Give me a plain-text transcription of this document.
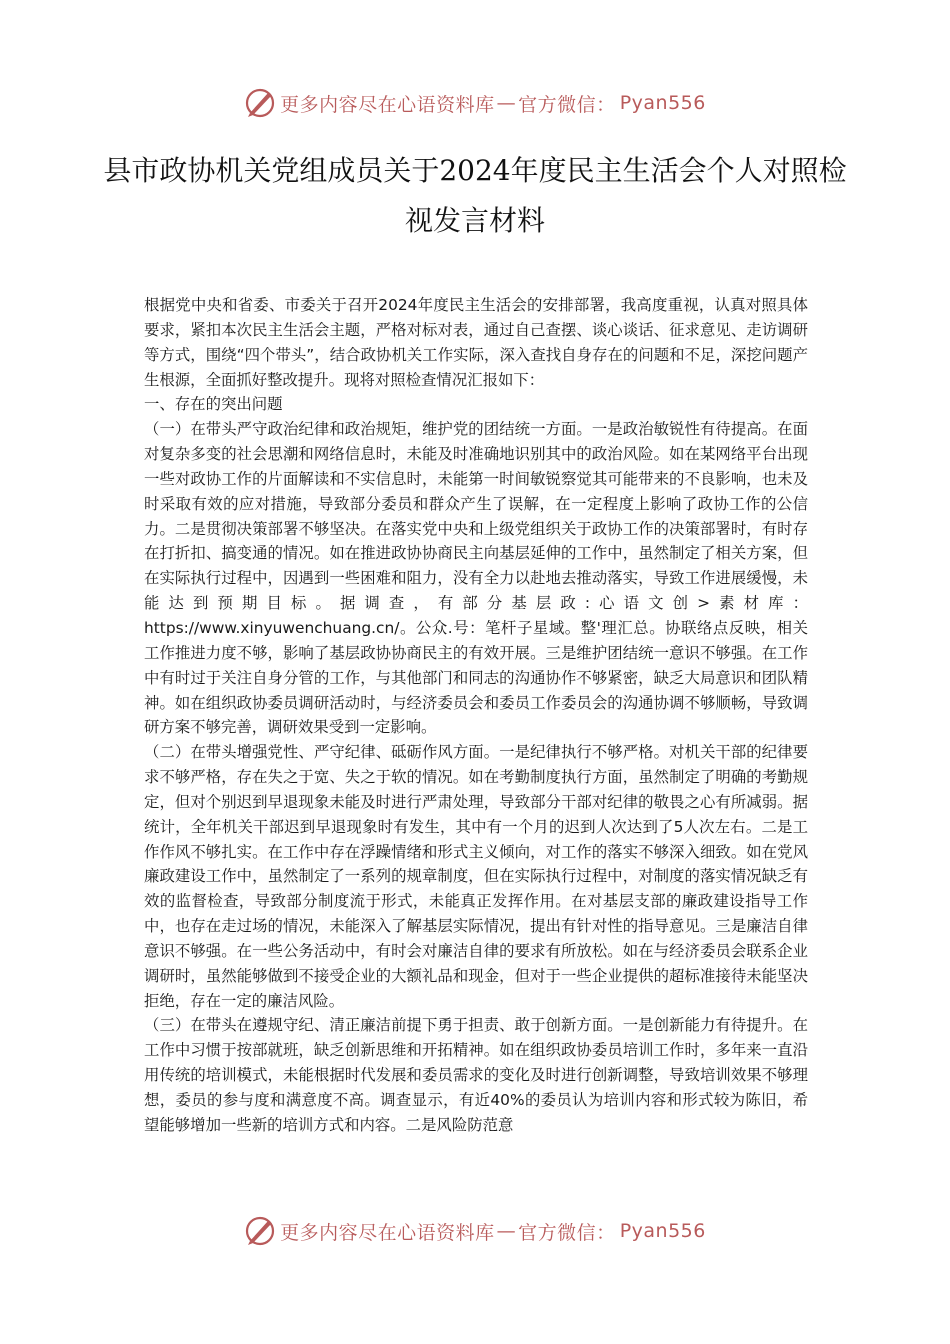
更多内容尽在心语资料库 — 官方微信： Pyan556
县市政协机关党组成员关于2024年度民主生活会个人对照检视发言材料

根据党中央和省委、市委关于召开2024年度民主生活会的安排部署，我高度重视，认真对照具体要求，紧扣本次民主生活会主题，严格对标对表，通过自己查摆、谈心谈话、征求意见、走访调研等方式，围绕“四个带头”，结合政协机关工作实际，深入查找自身存在的问题和不足，深挖问题产生根源，全面抓好整改提升。现将对照检查情况汇报如下：

一、存在的突出问题

（一）在带头严守政治纪律和政治规矩，维护党的团结统一方面。一是政治敏锐性有待提高。在面对复杂多变的社会思潮和网络信息时，未能及时准确地识别其中的政治风险。如在某网络平台出现一些对政协工作的片面解读和不实信息时，未能第一时间敏锐察觉其可能带来的不良影响，也未及时采取有效的应对措施，导致部分委员和群众产生了误解，在一定程度上影响了政协工作的公信力。二是贯彻决策部署不够坚决。在落实党中央和上级党组织关于政协工作的决策部署时，有时存在打折扣、搞变通的情况。如在推进政协协商民主向基层延伸的工作中，虽然制定了相关方案，但在实际执行过程中，因遇到一些困难和阻力，没有全力以赴地去推动落实，导致工作进展缓慢，未能达到预期目标。据调查，有部分基层政:心语文创>素材库：https://www.xinyuwenchuang.cn/。公众.号：笔杆子星域。整'理汇总。协联络点反映，相关工作推进力度不够，影响了基层政协协商民主的有效开展。三是维护团结统一意识不够强。在工作中有时过于关注自身分管的工作，与其他部门和同志的沟通协作不够紧密，缺乏大局意识和团队精神。如在组织政协委员调研活动时，与经济委员会和委员工作委员会的沟通协调不够顺畅，导致调研方案不够完善，调研效果受到一定影响。

（二）在带头增强党性、严守纪律、砥砺作风方面。一是纪律执行不够严格。对机关干部的纪律要求不够严格，存在失之于宽、失之于软的情况。如在考勤制度执行方面，虽然制定了明确的考勤规定，但对个别迟到早退现象未能及时进行严肃处理，导致部分干部对纪律的敬畏之心有所减弱。据统计，全年机关干部迟到早退现象时有发生，其中有一个月的迟到人次达到了5人次左右。二是工作作风不够扎实。在工作中存在浮躁情绪和形式主义倾向，对工作的落实不够深入细致。如在党风廉政建设工作中，虽然制定了一系列的规章制度，但在实际执行过程中，对制度的落实情况缺乏有效的监督检查，导致部分制度流于形式，未能真正发挥作用。在对基层支部的廉政建设指导工作中，也存在走过场的情况，未能深入了解基层实际情况，提出有针对性的指导意见。三是廉洁自律意识不够强。在一些公务活动中，有时会对廉洁自律的要求有所放松。如在与经济委员会联系企业调研时，虽然能够做到不接受企业的大额礼品和现金，但对于一些企业提供的超标准接待未能坚决拒绝，存在一定的廉洁风险。

（三）在带头在遵规守纪、清正廉洁前提下勇于担责、敢于创新方面。一是创新能力有待提升。在工作中习惯于按部就班，缺乏创新思维和开拓精神。如在组织政协委员培训工作时，多年来一直沿用传统的培训模式，未能根据时代发展和委员需求的变化及时进行创新调整，导致培训效果不够理想，委员的参与度和满意度不高。调查显示，有近40%的委员认为培训内容和形式较为陈旧，希望能够增加一些新的培训方式和内容。二是风险防范意

更多内容尽在心语资料库 — 官方微信： Pyan556
